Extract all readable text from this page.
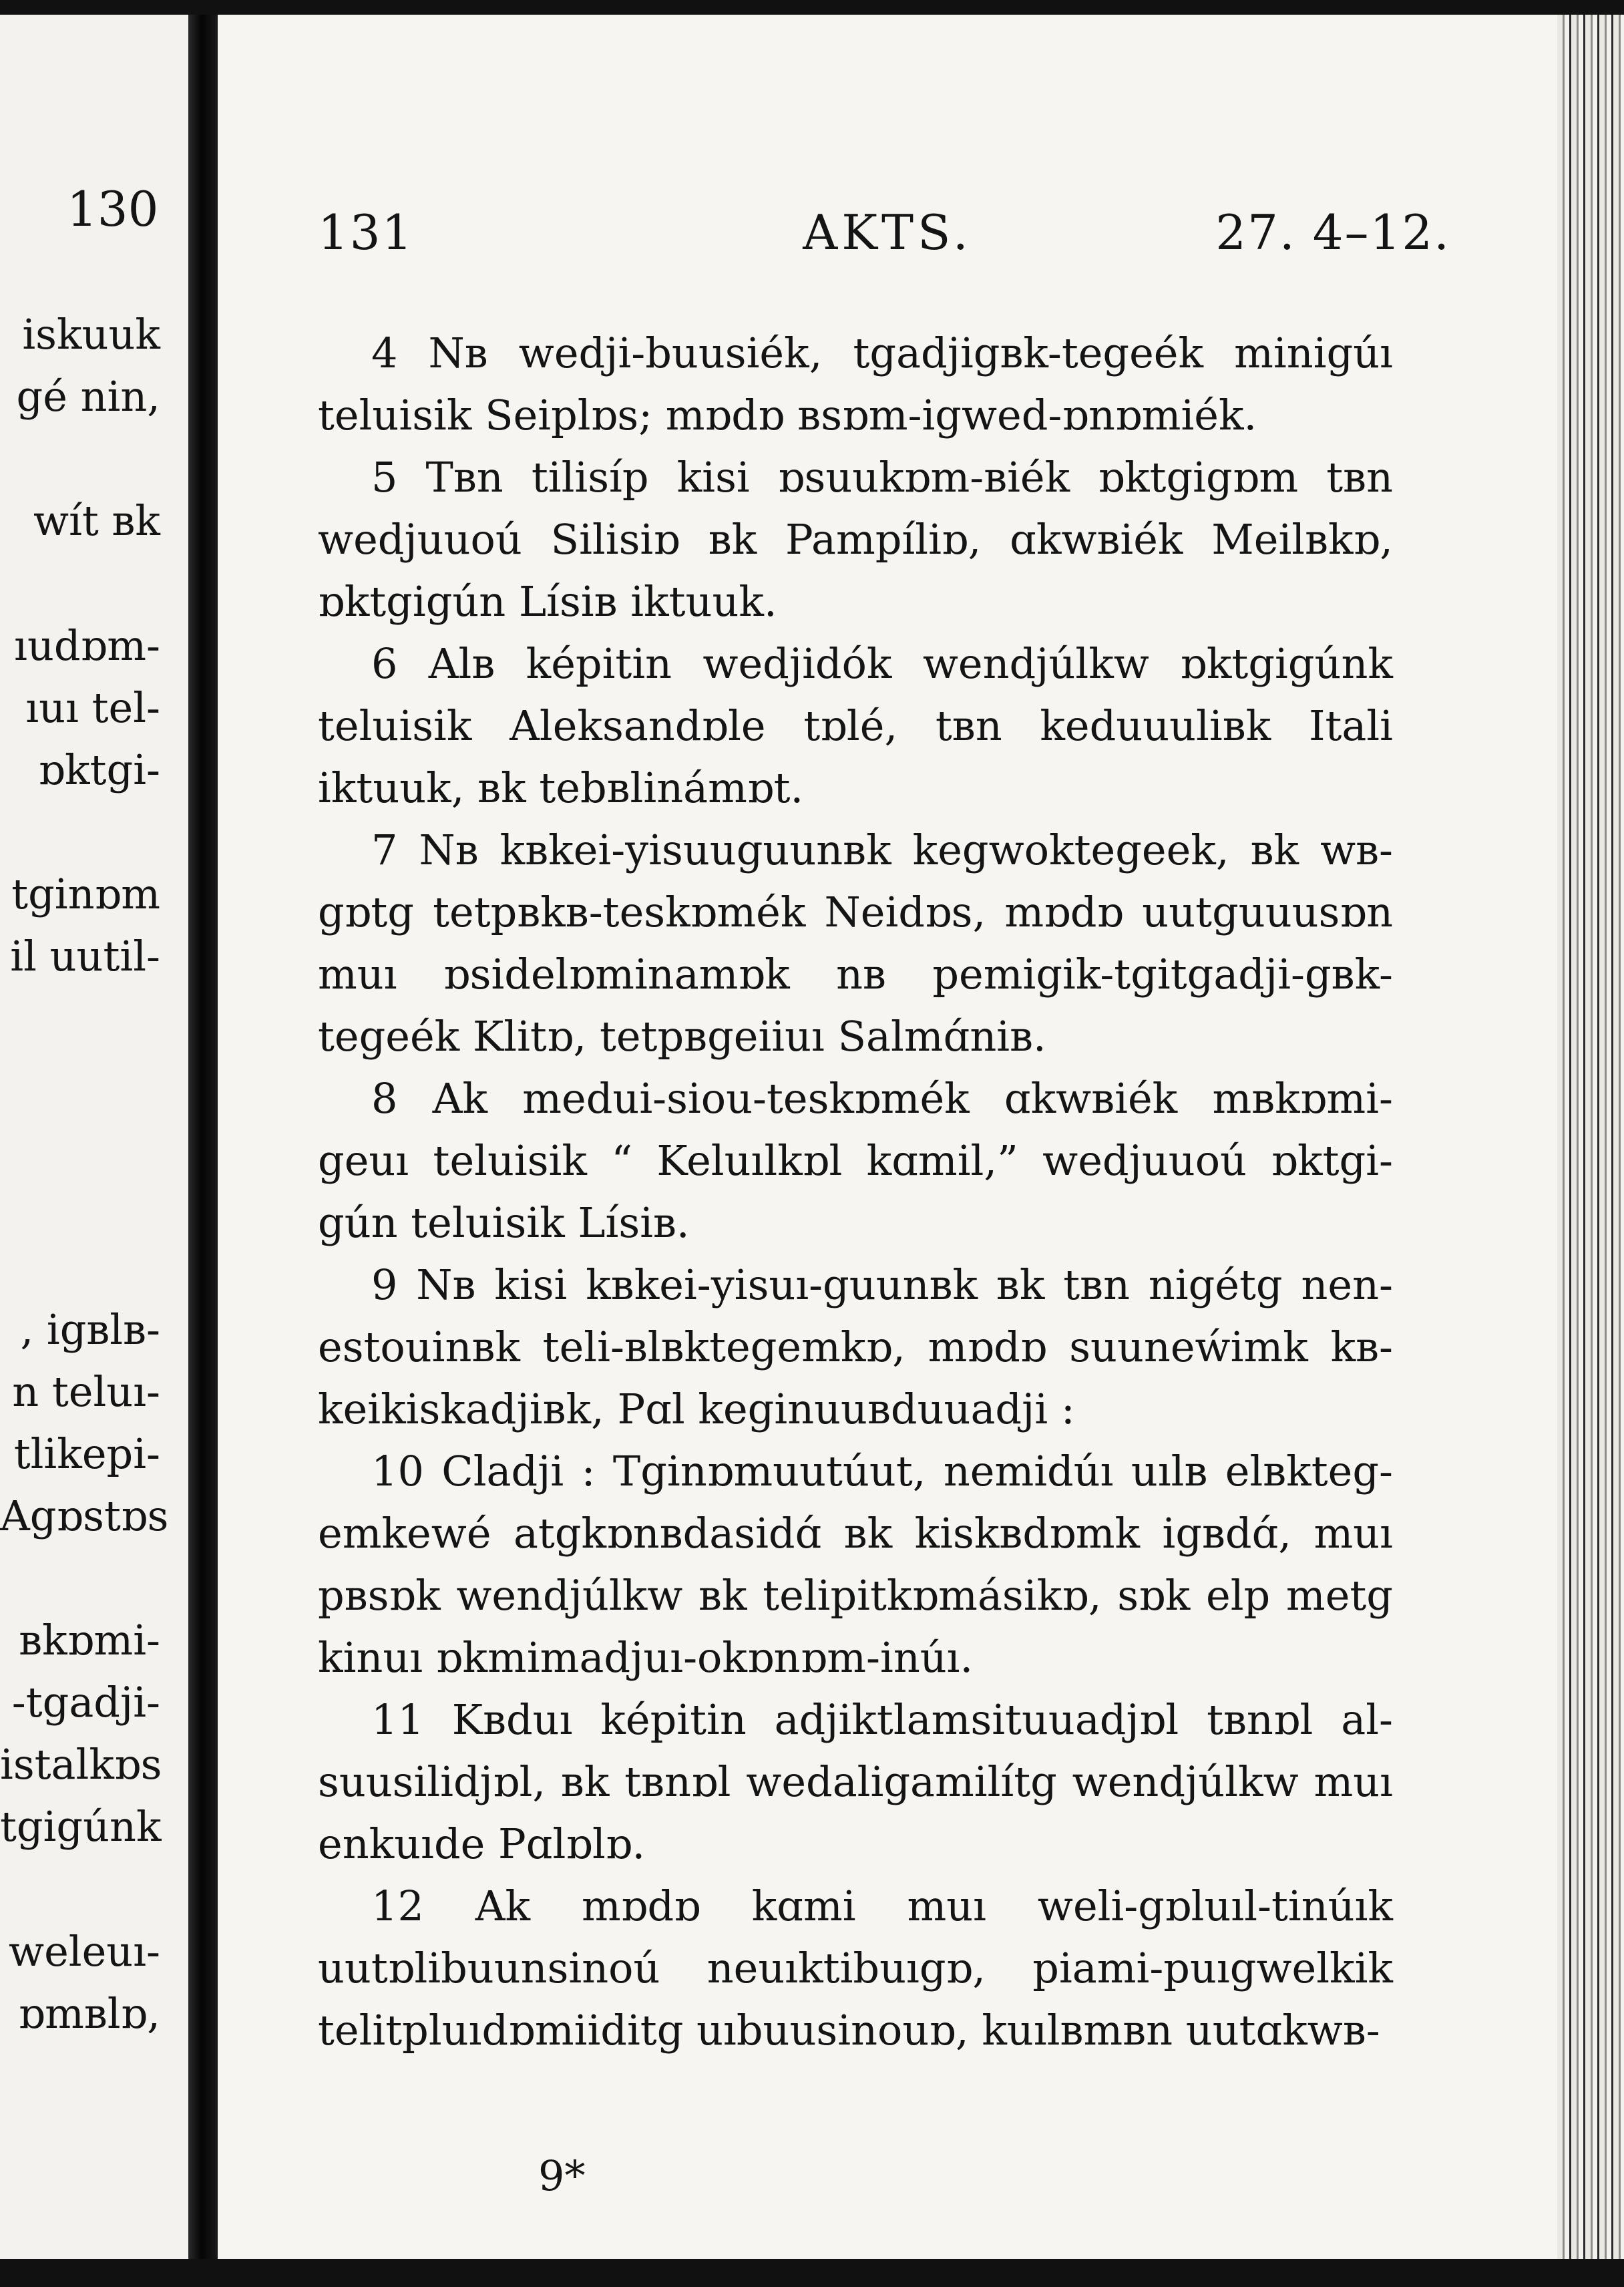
130
iskuuk
gé nin,
wít ʙk
ıudɒm-
ıuı tel-
ɒktgi-
tginɒm
il uutil-
, igʙlʙ-
n teluı-
tlikepi-
Agɒstɒs
ʙkɒmi-
-tgadji-
istalkɒs
tgigúnk
weleuı-
ɒmʙlɒ,
131	AKTS.	27. 4–12.

4 Nʙ wedji-buusiék, tgadjigʙk-tegeék minigúı teluisik Seiplɒs; mɒdɒ ʙsɒm-igwed-ɒnɒmiék.

5 Tʙn tilisíp kisi ɒsuukɒm-ʙiék ɒktgigɒm tʙn wedjuuoú Silisiɒ ʙk Pampíliɒ, ɑkwʙiék Meilʙkɒ, ɒktgigún Lísiʙ iktuuk.

6 Alʙ képitin wedjidók wendjúlkw ɒktgigúnk teluisik Aleksandɒle tɒlé, tʙn keduuuliʙk Itali iktuuk, ʙk tebʙlinámɒt.

7 Nʙ kʙkei-yisuuguunʙk kegwoktegeek, ʙk wʙ-gɒtg tetpʙkʙ-teskɒmék Neidɒs, mɒdɒ uutguuusɒn muı ɒsidelɒminamɒk nʙ pemigik-tgitgadji-gʙk-tegeék Klitɒ, tetpʙgeiiuı Salmɑ́niʙ.

8 Ak medui-siou-teskɒmék ɑkwʙiék mʙkɒmi-geuı teluisik “ Keluılkɒl kɑmil,” wedjuuoú ɒktgi-gún teluisik Lísiʙ.

9 Nʙ kisi kʙkei-yisuı-guunʙk ʙk tʙn nigétg nen-estouinʙk teli-ʙlʙktegemkɒ, mɒdɒ suuneẃimk kʙ-keikiskadjiʙk, Pɑl keginuuʙduuadji :

10 Cladji : Tginɒmuutúut, nemidúı uılʙ elʙkteg-emkewé atgkɒnʙdasidɑ́ ʙk kiskʙdɒmk igʙdɑ́, muı pʙsɒk wendjúlkw ʙk telipitkɒmásikɒ, sɒk elp metg kinuı ɒkmimadjuı-okɒnɒm-inúı.

11 Kʙduı képitin adjiktlamsituuadjɒl tʙnɒl al-suusilidjɒl, ʙk tʙnɒl wedaligamilítg wendjúlkw muı enkuıde Pɑlɒlɒ.

12 Ak mɒdɒ kɑmi muı weli-gɒluıl-tinúık uutɒlibuunsinoú neuıktibuıgɒ, piami-puıgwelkik telitpluıdɒmiiditg uıbuusinouɒ, kuılʙmʙn uutɑkwʙ-

9*
